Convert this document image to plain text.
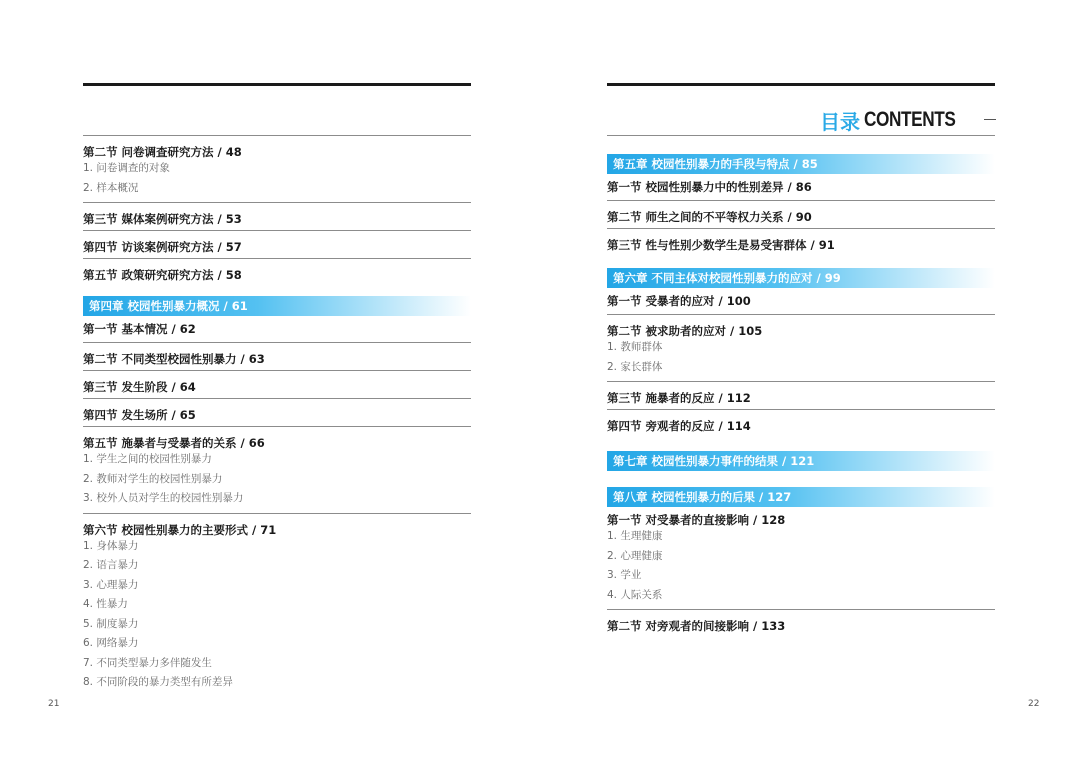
第二节 问卷调查研究方法 / 48
1. 问卷调查的对象
2. 样本概况
第三节 媒体案例研究方法 / 53
第四节 访谈案例研究方法 / 57
第五节 政策研究研究方法 / 58
第四章 校园性别暴力概况 / 61
第一节 基本情况 / 62
第二节 不同类型校园性别暴力 / 63
第三节 发生阶段 / 64
第四节 发生场所 / 65
第五节 施暴者与受暴者的关系 / 66
1. 学生之间的校园性别暴力
2. 教师对学生的校园性别暴力
3. 校外人员对学生的校园性别暴力
第六节 校园性别暴力的主要形式 / 71
1. 身体暴力
2. 语言暴力
3. 心理暴力
4. 性暴力
5. 制度暴力
6. 网络暴力
7. 不同类型暴力多伴随发生
8. 不同阶段的暴力类型有所差异
21
目录 CONTENTS
第五章 校园性别暴力的手段与特点 / 85
第一节 校园性别暴力中的性别差异 / 86
第二节 师生之间的不平等权力关系 / 90
第三节 性与性别少数学生是易受害群体 / 91
第六章 不同主体对校园性别暴力的应对 / 99
第一节 受暴者的应对 / 100
第二节 被求助者的应对 / 105
1. 教师群体
2. 家长群体
第三节 施暴者的反应 / 112
第四节 旁观者的反应 / 114
第七章 校园性别暴力事件的结果 / 121
第八章 校园性别暴力的后果 / 127
第一节 对受暴者的直接影响 / 128
1. 生理健康
2. 心理健康
3. 学业
4. 人际关系
第二节 对旁观者的间接影响 / 133
22
